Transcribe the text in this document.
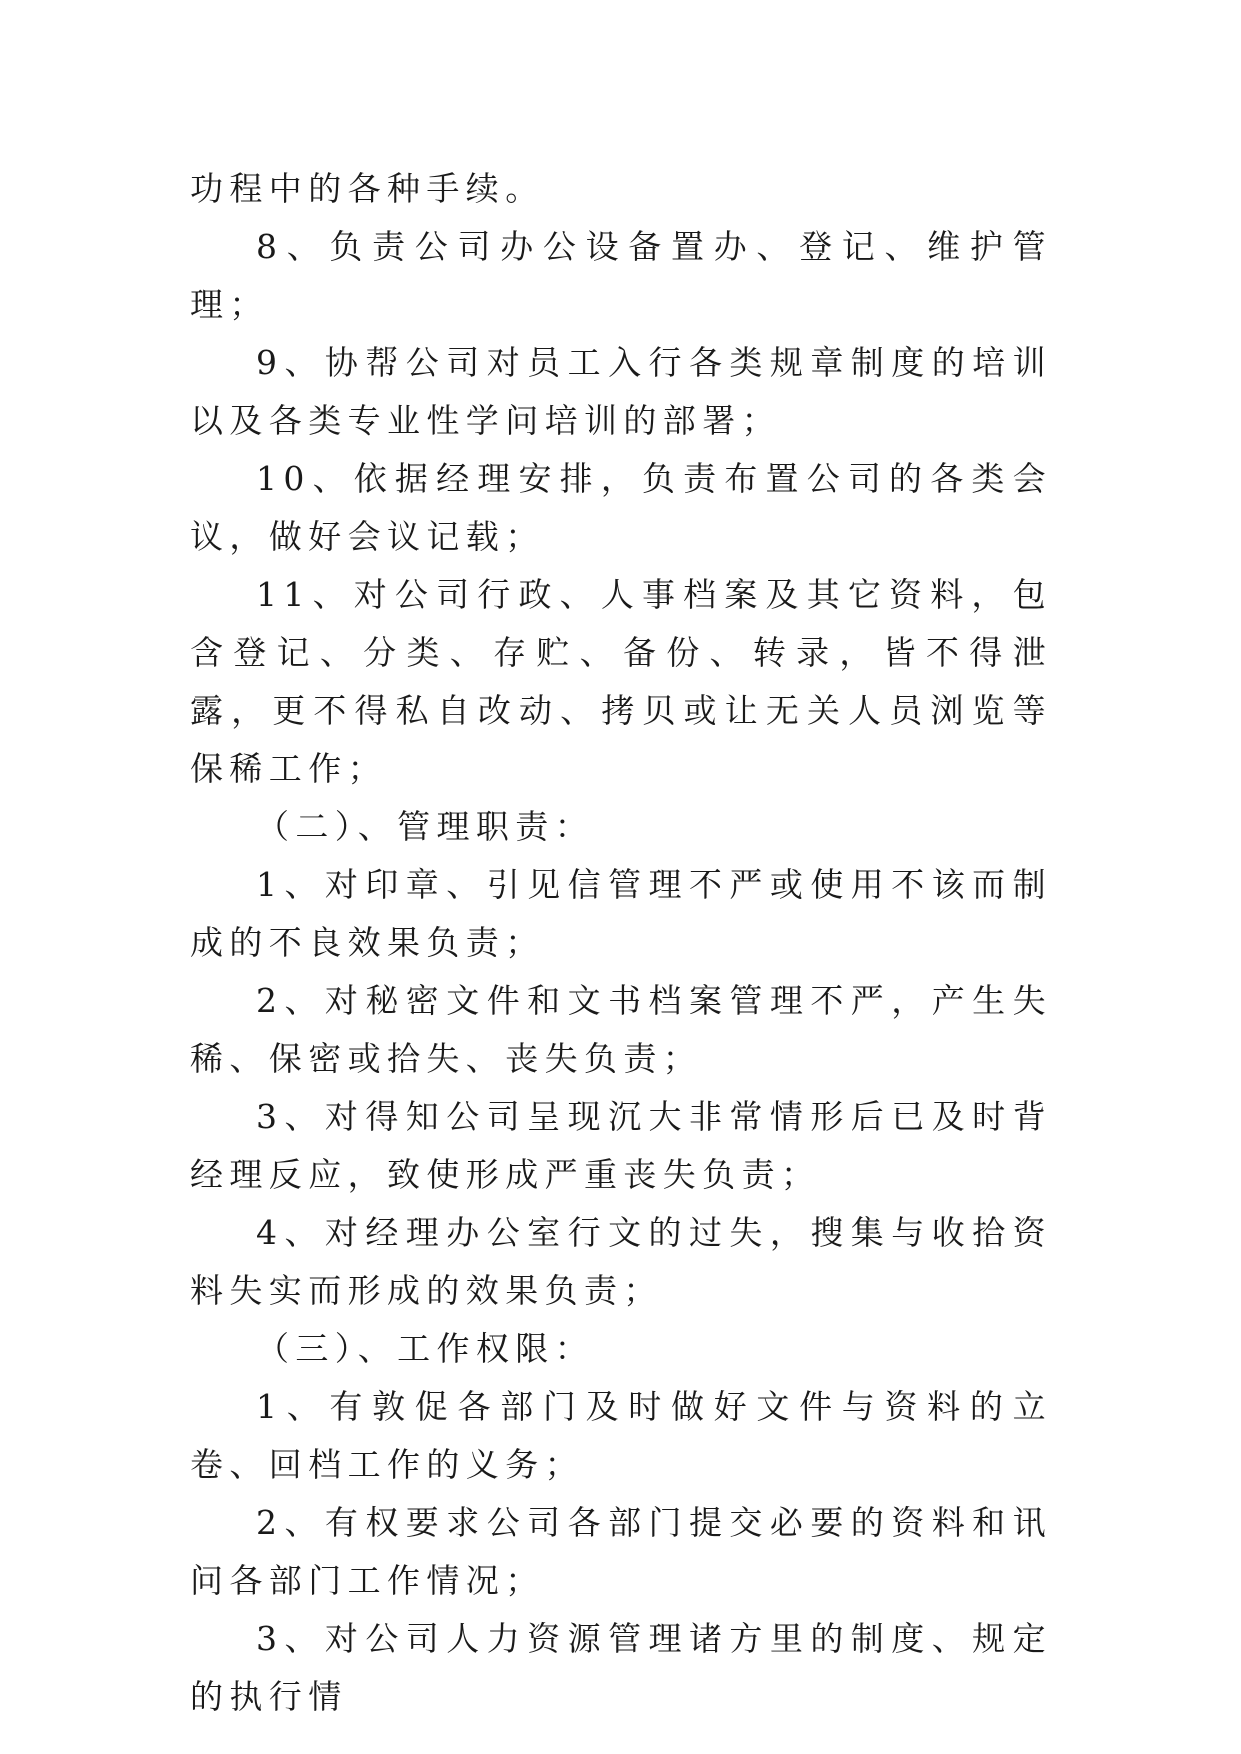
功程中的各种手续。

8、负责公司办公设备置办、登记、维护管理；

9、协帮公司对员工入行各类规章制度的培训以及各类专业性学问培训的部署；

10、依据经理安排，负责布置公司的各类会议，做好会议记载；

11、对公司行政、人事档案及其它资料，包含登记、分类、存贮、备份、转录，皆不得泄露，更不得私自改动、拷贝或让无关人员浏览等保稀工作；

（二）、管理职责：

1、对印章、引见信管理不严或使用不该而制成的不良效果负责；

2、对秘密文件和文书档案管理不严，产生失稀、保密或拾失、丧失负责；

3、对得知公司呈现沉大非常情形后已及时背经理反应，致使形成严重丧失负责；

4、对经理办公室行文的过失，搜集与收拾资料失实而形成的效果负责；

（三）、工作权限：

1、有敦促各部门及时做好文件与资料的立卷、回档工作的义务；

2、有权要求公司各部门提交必要的资料和讯问各部门工作情况；

3、对公司人力资源管理诸方里的制度、规定的执行情
